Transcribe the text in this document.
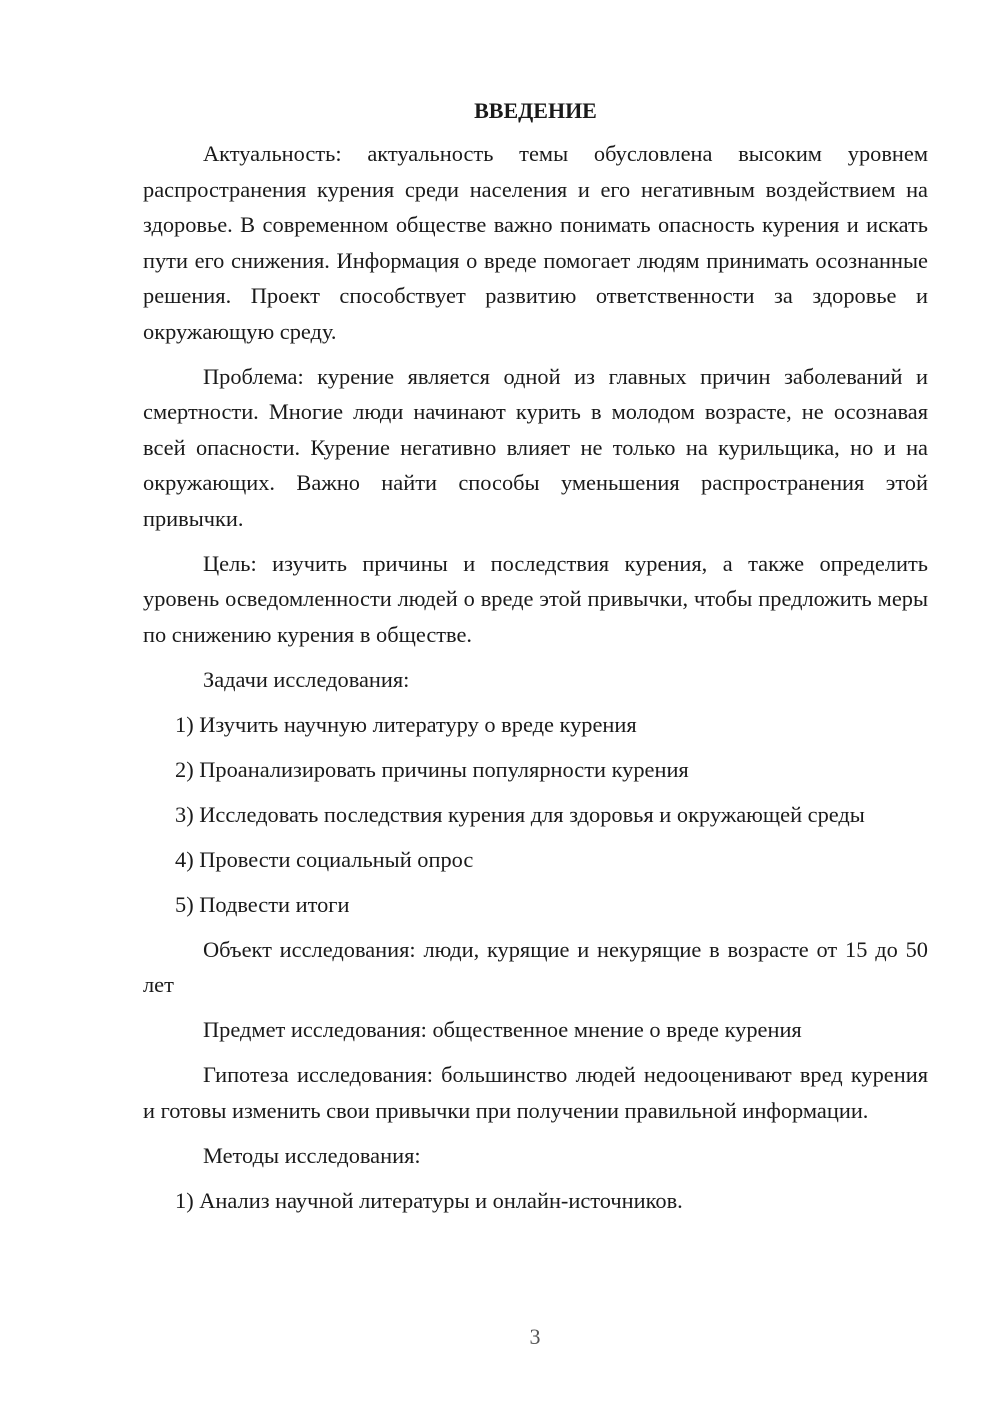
ВВЕДЕНИЕ

Актуальность: актуальность темы обусловлена высоким уровнем распространения курения среди населения и его негативным воздействием на здоровье. В современном обществе важно понимать опасность курения и искать пути его снижения. Информация о вреде помогает людям принимать осознанные решения. Проект способствует развитию ответственности за здоровье и окружающую среду.

Проблема: курение является одной из главных причин заболеваний и смертности. Многие люди начинают курить в молодом возрасте, не осознавая всей опасности. Курение негативно влияет не только на курильщика, но и на окружающих. Важно найти способы уменьшения распространения этой привычки.

Цель: изучить причины и последствия курения, а также определить уровень осведомленности людей о вреде этой привычки, чтобы предложить меры по снижению курения в обществе.

Задачи исследования:

1) Изучить научную литературу о вреде курения

2) Проанализировать причины популярности курения

3) Исследовать последствия курения для здоровья и окружающей среды

4) Провести социальный опрос

5) Подвести итоги

Объект исследования: люди, курящие и некурящие в возрасте от 15 до 50 лет

Предмет исследования: общественное мнение о вреде курения

Гипотеза исследования: большинство людей недооценивают вред курения и готовы изменить свои привычки при получении правильной информации.

Методы исследования:

1) Анализ научной литературы и онлайн-источников.

3
